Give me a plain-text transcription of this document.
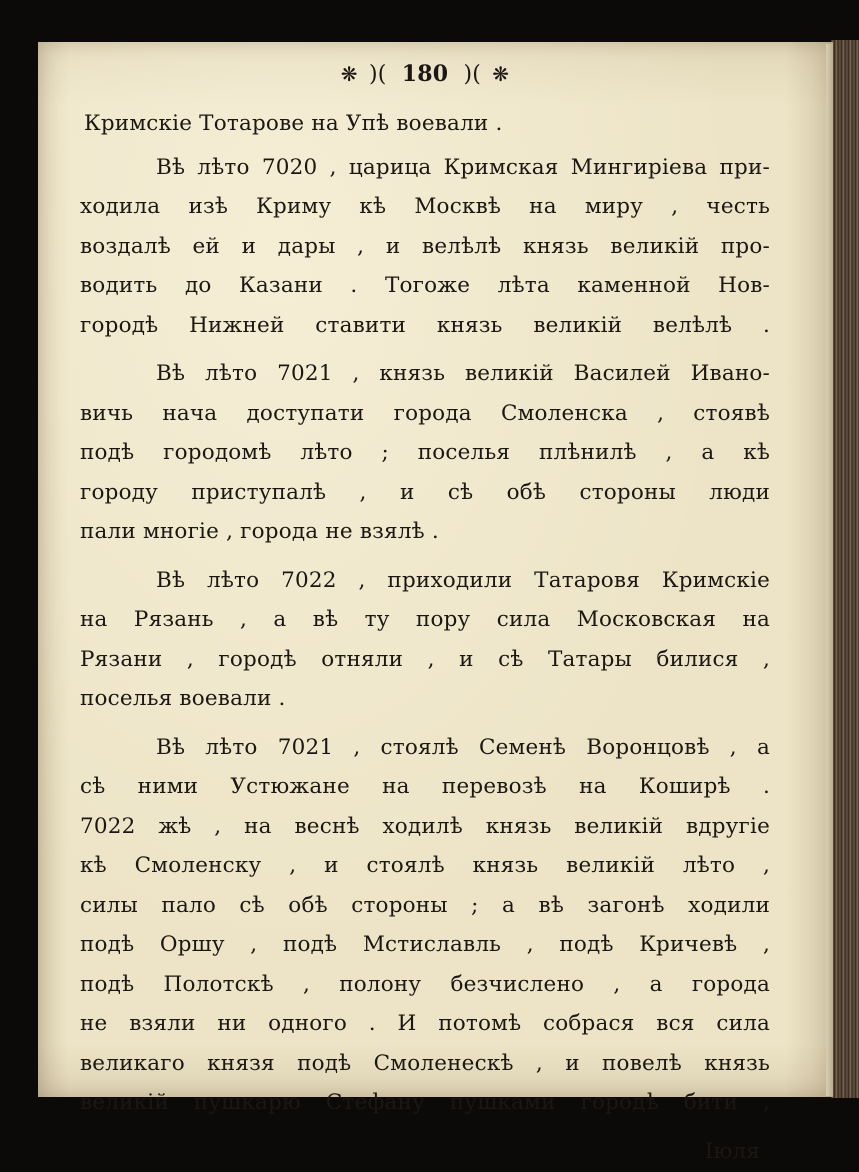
❋ )( 180 )( ❋
Кримскiе Тотарове на Упѣ воевали .
Вѣ лѣто 7020 , царица Кримская Мингирiева при-
ходила изѣ Криму кѣ Москвѣ на миру , честь
воздалѣ ей и дары , и велѣлѣ князь великiй про-
водить до Казани . Тогоже лѣта каменной Нов-
городѣ Нижней ставити князь великiй велѣлѣ .
Вѣ лѣто 7021 , князь великiй Василей Ивано-
вичь нача доступати города Смоленска , стоявѣ
подѣ городомѣ лѣто ; поселья плѣнилѣ , а кѣ
городу приступалѣ , и сѣ обѣ стороны люди
пали многiе , города не взялѣ .
Вѣ лѣто 7022 , приходили Татаровя Кримскiе
на Рязань , а вѣ ту пору сила Московская на
Рязани , городѣ отняли , и сѣ Татары билися ,
поселья воевали .
Вѣ лѣто 7021 , стоялѣ Семенѣ Воронцовѣ , а
сѣ ними Устюжане на перевозѣ на Коширѣ .
7022 жѣ , на веснѣ ходилѣ князь великiй вдругiе
кѣ Смоленску , и стоялѣ князь великiй лѣто ,
силы пало сѣ обѣ стороны ; а вѣ загонѣ ходили
подѣ Оршу , подѣ Мстиславль , подѣ Кричевѣ ,
подѣ Полотскѣ , полону безчислено , а города
не взяли ни одного . И потомѣ собрася вся сила
великаго князя подѣ Смоленескѣ , и повелѣ князь
великiй пушкарю Стефану пушками городѣ бити ,
Iюля
